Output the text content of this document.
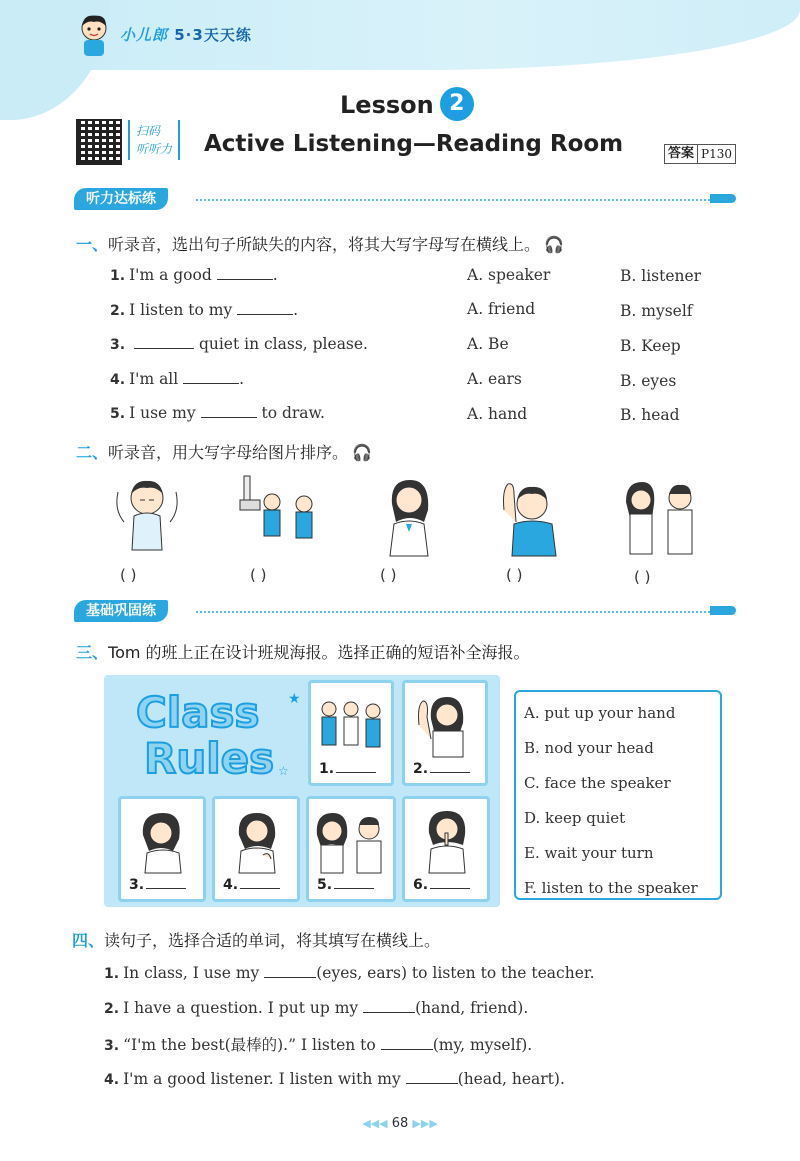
小儿郎 5·3天天练
Lesson 2
扫码
听听力 Active Listening—Reading Room	答案 P130
听力达标练
一、听录音，选出句子所缺失的内容，将其大写字母写在横线上。 🎧
1. I'm a good	.	A. speaker	B. listener
2. I listen to my	.	A. friend	B. myself
3.	quiet in class, please.	A. Be	B. Keep
4. I'm all	.	A. ears	B. eyes
5. I use my	to draw.	A. hand	B. head
二、听录音，用大写字母给图片排序。 🎧
( )	( )	( )	( )	( )
基础巩固练
三、Tom 的班上正在设计班规海报。选择正确的短语补全海报。
Class
Rules
★
☆ 1.	2.
3.	4.	5.	6.
A. put up your hand
B. nod your head
C. face the speaker
D. keep quiet
E. wait your turn
F. listen to the speaker
四、读句子，选择合适的单词，将其填写在横线上。
1. In class, I use my	(eyes, ears) to listen to the teacher.
2. I have a question. I put up my	(hand, friend).
3. “I'm the best(最棒的).” I listen to	(my, myself).
4. I'm a good listener. I listen with my	(head, heart).
◀◀◀ 68 ▶▶▶
